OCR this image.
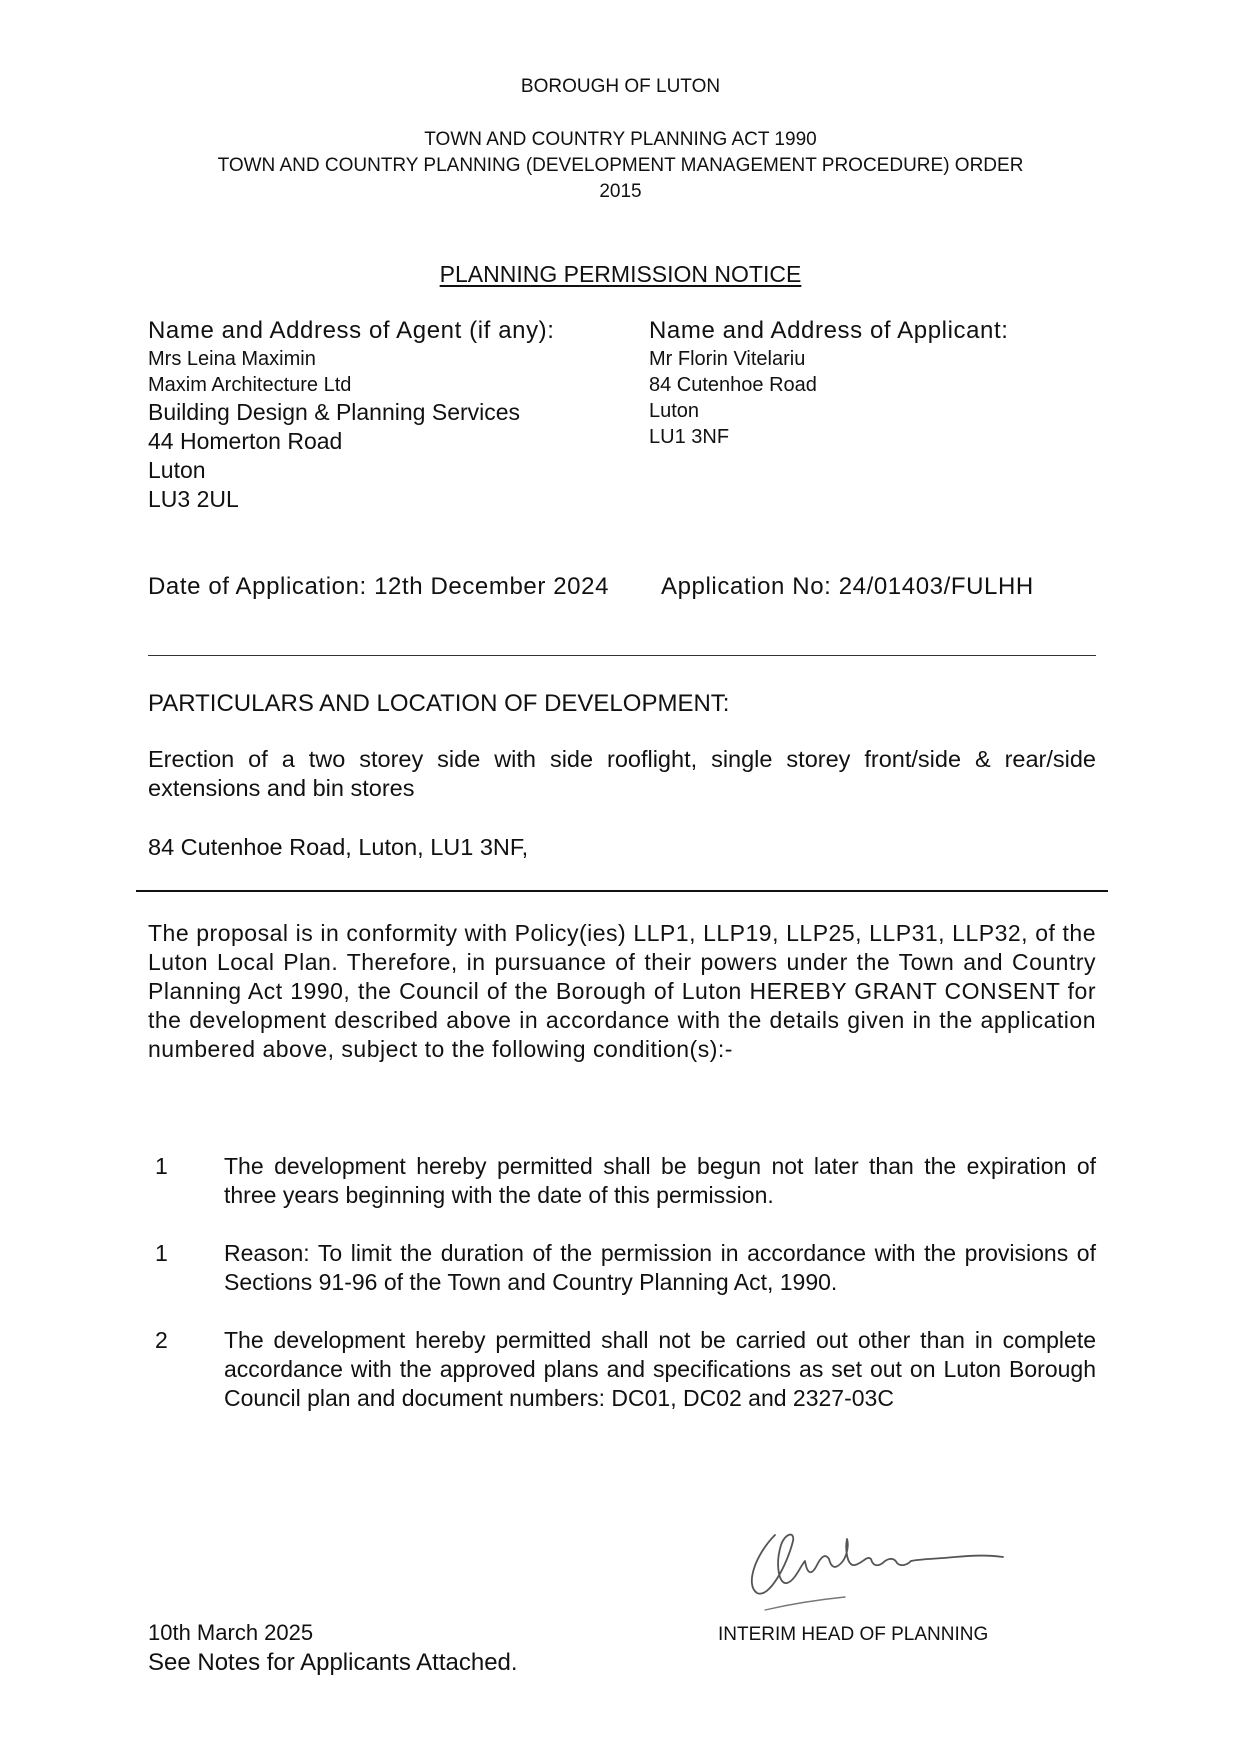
BOROUGH OF LUTON
TOWN AND COUNTRY PLANNING ACT 1990
TOWN AND COUNTRY PLANNING (DEVELOPMENT MANAGEMENT PROCEDURE) ORDER
2015
PLANNING PERMISSION NOTICE
Name and Address of Agent (if any):
Mrs Leina Maximin
Maxim Architecture Ltd
Building Design & Planning Services
44 Homerton Road
Luton
LU3 2UL
Name and Address of Applicant:
Mr Florin Vitelariu
84 Cutenhoe Road
Luton
LU1 3NF
Date of Application: 12th December 2024 Application No: 24/01403/FULHH
PARTICULARS AND LOCATION OF DEVELOPMENT:
Erection of a two storey side with side rooflight, single storey front/side & rear/side extensions and bin stores
84 Cutenhoe Road, Luton, LU1 3NF,
The proposal is in conformity with Policy(ies) LLP1, LLP19, LLP25, LLP31, LLP32, of the Luton Local Plan. Therefore, in pursuance of their powers under the Town and Country Planning Act 1990, the Council of the Borough of Luton HEREBY GRANT CONSENT for the development described above in accordance with the details given in the application numbered above, subject to the following condition(s):-
1	The development hereby permitted shall be begun not later than the expiration of three years beginning with the date of this permission.
1	Reason: To limit the duration of the permission in accordance with the provisions of Sections 91-96 of the Town and Country Planning Act, 1990.
2	The development hereby permitted shall not be carried out other than in complete accordance with the approved plans and specifications as set out on Luton Borough Council plan and document numbers: DC01, DC02 and 2327-03C
10th March 2025
See Notes for Applicants Attached.
INTERIM HEAD OF PLANNING
